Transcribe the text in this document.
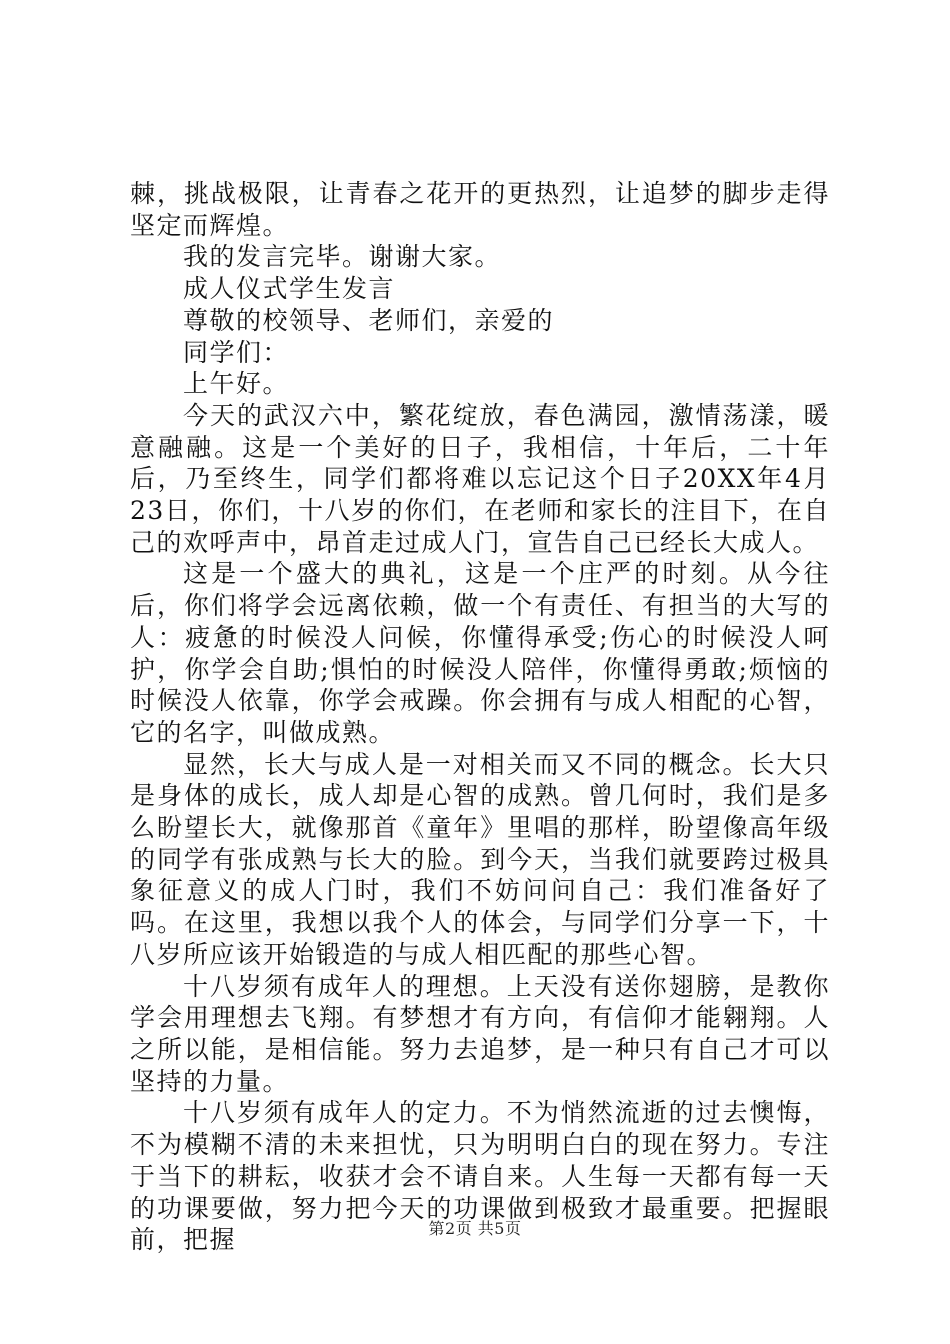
棘，挑战极限，让青春之花开的更热烈，让追梦的脚步走得坚定而辉煌。

我的发言完毕。谢谢大家。

成人仪式学生发言

尊敬的校领导、老师们，亲爱的

同学们：

上午好。

今天的武汉六中，繁花绽放，春色满园，激情荡漾，暖意融融。这是一个美好的日子，我相信，十年后，二十年后，乃至终生，同学们都将难以忘记这个日子20XX年4月23日，你们，十八岁的你们，在老师和家长的注目下，在自己的欢呼声中，昂首走过成人门，宣告自己已经长大成人。

这是一个盛大的典礼，这是一个庄严的时刻。从今往后，你们将学会远离依赖，做一个有责任、有担当的大写的人：疲惫的时候没人问候，你懂得承受;伤心的时候没人呵护，你学会自助;惧怕的时候没人陪伴，你懂得勇敢;烦恼的时候没人依靠，你学会戒躁。你会拥有与成人相配的心智，它的名字，叫做成熟。

显然，长大与成人是一对相关而又不同的概念。长大只是身体的成长，成人却是心智的成熟。曾几何时，我们是多么盼望长大，就像那首《童年》里唱的那样，盼望像高年级的同学有张成熟与长大的脸。到今天，当我们就要跨过极具象征意义的成人门时，我们不妨问问自己：我们准备好了吗。在这里，我想以我个人的体会，与同学们分享一下，十八岁所应该开始锻造的与成人相匹配的那些心智。

十八岁须有成年人的理想。上天没有送你翅膀，是教你学会用理想去飞翔。有梦想才有方向，有信仰才能翱翔。人之所以能，是相信能。努力去追梦，是一种只有自己才可以坚持的力量。

十八岁须有成年人的定力。不为悄然流逝的过去懊悔，不为模糊不清的未来担忧，只为明明白白的现在努力。专注于当下的耕耘，收获才会不请自来。人生每一天都有每一天的功课要做，努力把今天的功课做到极致才最重要。把握眼前，把握	第2页 共5页
